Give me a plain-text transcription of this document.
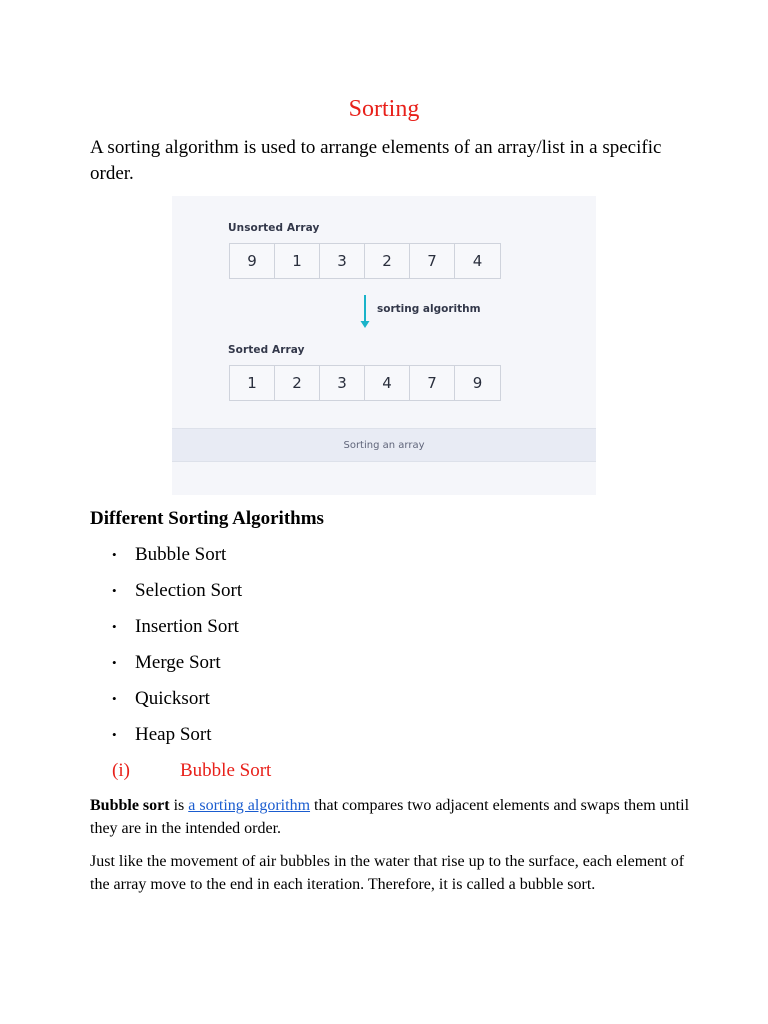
Sorting
A sorting algorithm is used to arrange elements of an array/list in a specific order.
Unsorted Array
9	1	3	2	7	4
sorting algorithm
Sorted Array
1	2	3	4	7	9
Sorting an array
Different Sorting Algorithms
• Bubble Sort
• Selection Sort
• Insertion Sort
• Merge Sort
• Quicksort
• Heap Sort
(i)	Bubble Sort
Bubble sort is a sorting algorithm that compares two adjacent elements and swaps them until they are in the intended order.
Just like the movement of air bubbles in the water that rise up to the surface, each element of the array move to the end in each iteration. Therefore, it is called a bubble sort.
